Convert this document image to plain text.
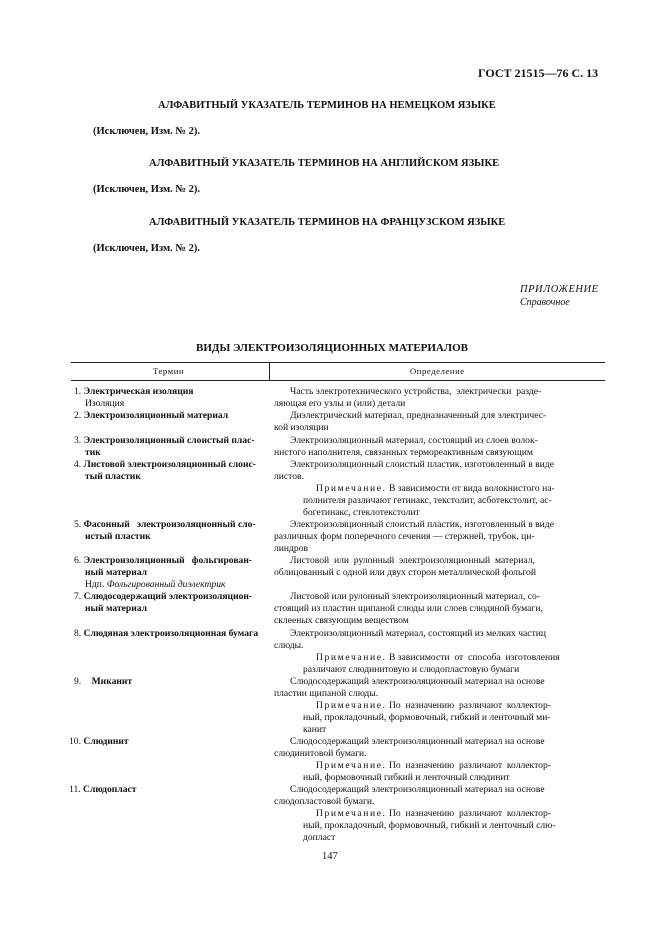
ГОСТ 21515—76 С. 13
АЛФАВИТНЫЙ УКАЗАТЕЛЬ ТЕРМИНОВ НА НЕМЕЦКОМ ЯЗЫКЕ
(Исключен, Изм. № 2).
АЛФАВИТНЫЙ УКАЗАТЕЛЬ ТЕРМИНОВ НА АНГЛИЙСКОМ ЯЗЫКЕ
(Исключен, Изм. № 2).
АЛФАВИТНЫЙ УКАЗАТЕЛЬ ТЕРМИНОВ НА ФРАНЦУЗСКОМ ЯЗЫКЕ
(Исключен, Изм. № 2).
ПРИЛОЖЕНИЕ
Справочное
ВИДЫ ЭЛЕКТРОИЗОЛЯЦИОННЫХ МАТЕРИАЛОВ
Термин	Определение
1. Электрическая изоляция
Изоляция
2. Электроизоляционный материал
3. Электроизоляционный слоистый плас-
тик
4. Листовой электроизоляционный слоис-
тый пластик
5. Фасонный   электроизоляционный сло-
истый пластик
6. Электроизоляционный   фольгирован-
ный материал
Ндп. Фольгированный диэлектрик
7. Слюдосодержащий электроизоляцион-
ный материал
8. Слюдяная электроизоляционная бумага
9. Миканит
10. Слюдинит
11. Слюдопласт
Часть электротехнического устройства,  электрически  разде-
ляющая его узлы и (или) детали
Диэлектрический материал, предназначенный для электричес-
кой изоляции
Электроизоляционный материал, состоящий из слоев волок-
нистого наполнителя, связанных термореактивным связующим
Электроизоляционный слоистый пластик, изготовленный в виде
листов.
Примечание. В зависимости от вида волокнистого на-
полнителя различают гетинакс, текстолит, асботекстолит, ас-
богетинакс, стеклотекстолит
Электроизоляционный слоистый пластик, изготовленный в виде
различных форм поперечного сечения — стержней, трубок, ци-
линдров
Листовой  или  рулонный  электроизоляционный  материал,
облицованный с одной или двух сторон металлической фольгой
Листовой или рулонный электроизоляционный материал, со-
стоящий из пластин щипаной слюды или слоев слюдяной бумаги,
склееных связующим веществом
Электроизоляционный материал, состоящий из мелких частиц
слюды.
Примечание. В зависимости  от  способа  изготовления
различают слюдинитовую и слюдопластовую бумаги
Слюдосодержащий электроизоляционный материал на основе
пластин щипаной слюды.
Примечание. По  назначению  различают  коллектор-
ный, прокладочный, формовочный, гибкий и ленточный ми-
канит
Слюдосодержащий электроизоляционный материал на основе
слюдинитовой бумаги.
Примечание. По  назначению  различают  коллектор-
ный, формовочный гибкий и ленточный слюдинит
Слюдосодержащий электроизоляционный материал на основе
слюдопластовой бумаги.
Примечание. По  назначению  различают  коллектор-
ный, прокладочный, формовочный, гибкий и ленточный слю-
допласт
147
